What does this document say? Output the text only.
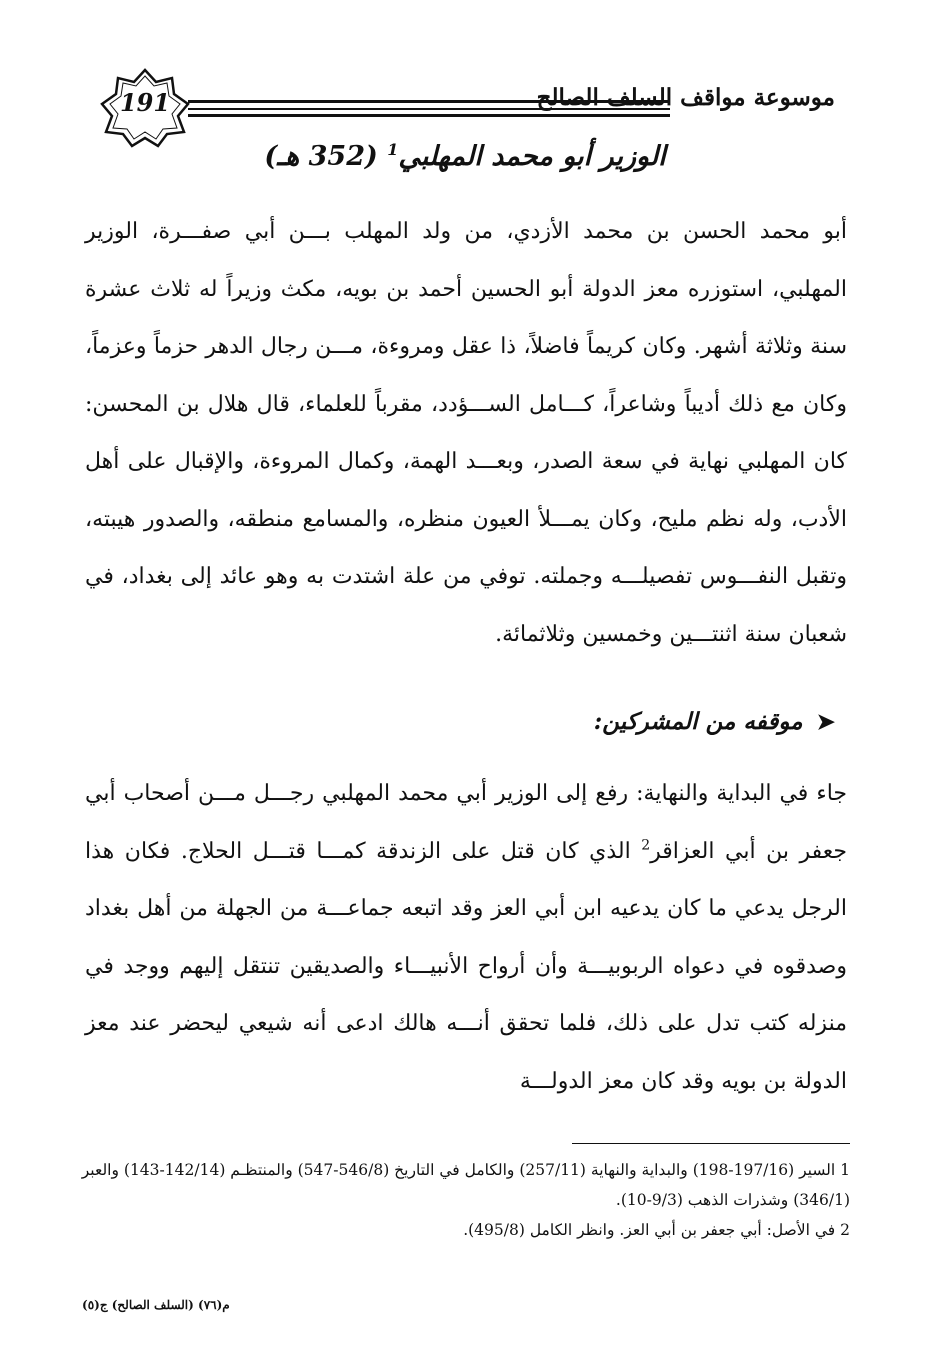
191	موسوعة مواقف السلف الصالح
الوزير أبو محمد المهلبي$^1$ (352 هـ)
أبو محمد الحسن بن محمد الأزدي، من ولد المهلب بـــن أبي صفـــرة، الوزير المهلبي، استوزره معز الدولة أبو الحسين أحمد بن بويه، مكث وزيراً له ثلاث عشرة سنة وثلاثة أشهر. وكان كريماً فاضلاً، ذا عقل ومروءة، مـــن رجال الدهر حزماً وعزماً، وكان مع ذلك أديباً وشاعراً، كـــامل الســـؤدد، مقرباً للعلماء، قال هلال بن المحسن: كان المهلبي نهاية في سعة الصدر، وبعـــد الهمة، وكمال المروءة، والإقبال على أهل الأدب، وله نظم مليح، وكان يمـــلأ العيون منظره، والمسامع منطقه، والصدور هيبته، وتقبل النفـــوس تفصيلـــه وجملته. توفي من علة اشتدت به وهو عائد إلى بغداد، في شعبان سنة اثنتـــين وخمسين وثلاثمائة.
➤موقفه من المشركين:
جاء في البداية والنهاية: رفع إلى الوزير أبي محمد المهلبي رجـــل مـــن أصحاب أبي جعفر بن أبي العزاقر$^2$ الذي كان قتل على الزندقة كمـــا قتـــل الحلاج. فكان هذا الرجل يدعي ما كان يدعيه ابن أبي العز وقد اتبعه جماعـــة من الجهلة من أهل بغداد وصدقوه في دعواه الربوبيـــة وأن أرواح الأنبيـــاء والصديقين تنتقل إليهم ووجد في منزله كتب تدل على ذلك، فلما تحقق أنـــه هالك ادعى أنه شيعي ليحضر عند معز الدولة بن بويه وقد كان معز الدولـــة

1 السير (197/16-198) والبداية والنهاية (257/11) والكامل في التاريخ (546/8-547) والمنتظـم (142/14-143) والعبر (346/1) وشذرات الذهب (9/3-10).

2 في الأصل: أبي جعفر بن أبي العز. وانظر الكامل (495/8).

م(٧٦) (السلف الصالح) ج(٥)
